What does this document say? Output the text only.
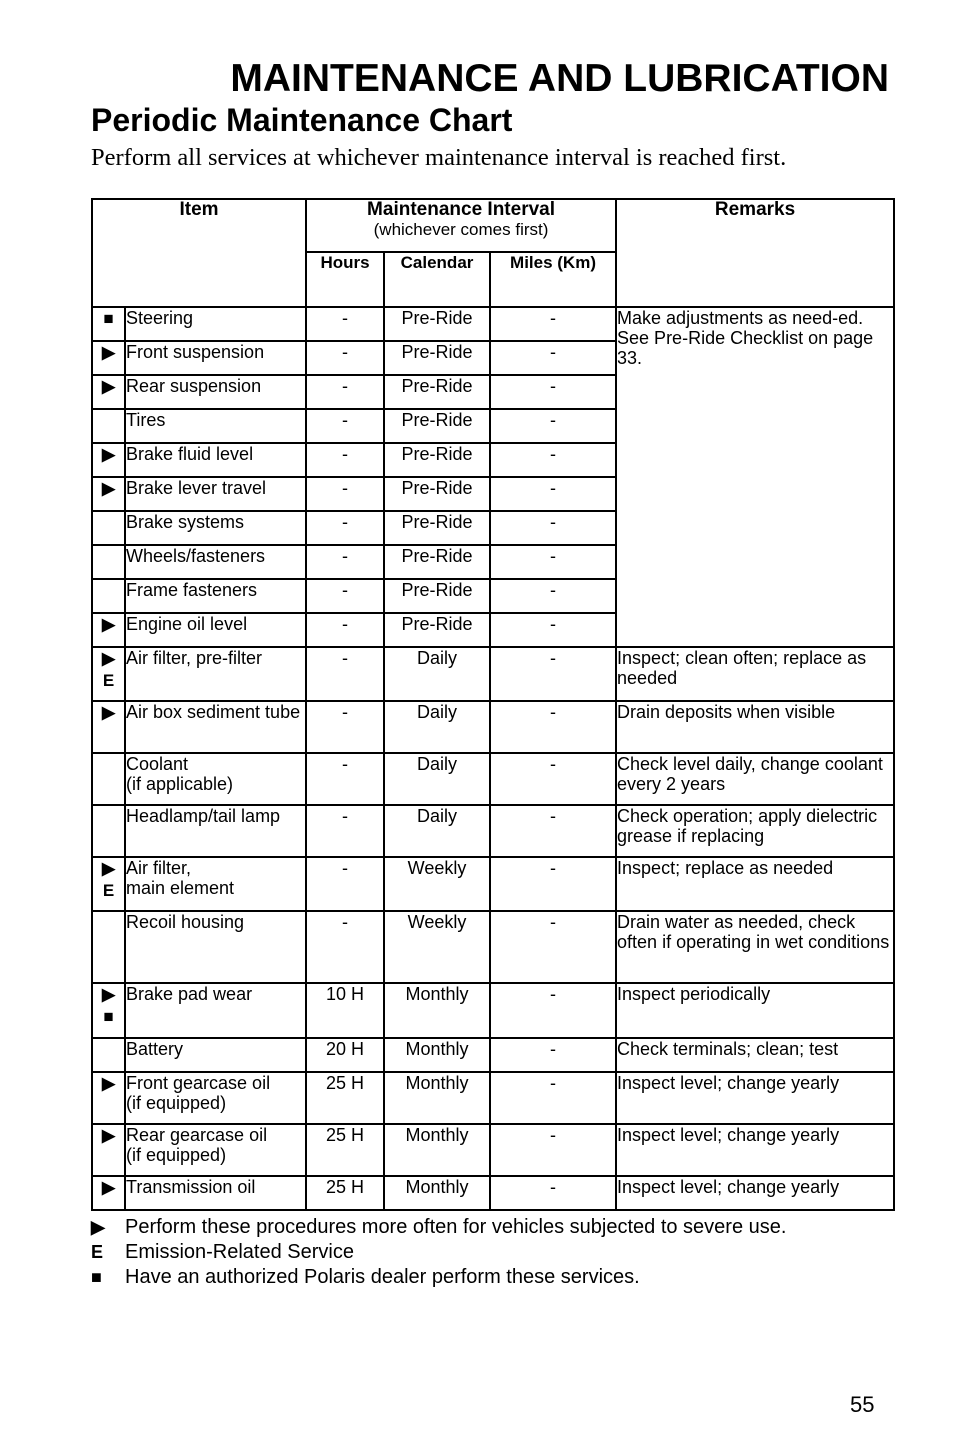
MAINTENANCE AND LUBRICATION
Periodic Maintenance Chart

Perform all services at whichever maintenance interval is reached first.

Item		Maintenance Interval
(whichever comes first)			Remarks
		Hours	Calendar	Miles (Km)	

■	Steering	-	Pre-Ride	-	Make adjustments as need-ed. See Pre-Ride Checklist on page 33.

▶	Front suspension	-	Pre-Ride	-	

▶	Rear suspension	-	Pre-Ride	-	
	Tires	-	Pre-Ride	-	

▶	Brake fluid level	-	Pre-Ride	-	

▶	Brake lever travel	-	Pre-Ride	-	
	Brake systems	-	Pre-Ride	-	
	Wheels/fasteners	-	Pre-Ride	-	
	Frame fasteners	-	Pre-Ride	-	

▶	Engine oil level	-	Pre-Ride	-	

▶
E	Air filter, pre-filter	-	Daily	-	Inspect; clean often; replace as needed

▶	Air box sediment tube	-	Daily	-	Drain deposits when visible
	Coolant
(if applicable)	-	Daily	-	Check level daily, change coolant every 2 years
	Headlamp/tail lamp	-	Daily	-	Check operation; apply dielectric grease if replacing

▶
E	Air filter,
main element	-	Weekly	-	Inspect; replace as needed
	Recoil housing	-	Weekly	-	Drain water as needed, check often if operating in wet conditions

▶
■	Brake pad wear	10 H	Monthly	-	Inspect periodically
	Battery	20 H	Monthly	-	Check terminals; clean; test

▶	Front gearcase oil
(if equipped)	25 H	Monthly	-	Inspect level; change yearly

▶	Rear gearcase oil
(if equipped)	25 H	Monthly	-	Inspect level; change yearly

▶	Transmission oil	25 H	Monthly	-	Inspect level; change yearly
▶	Perform these procedures more often for vehicles subjected to severe use.
E	Emission-Related Service
■	Have an authorized Polaris dealer perform these services.
55
